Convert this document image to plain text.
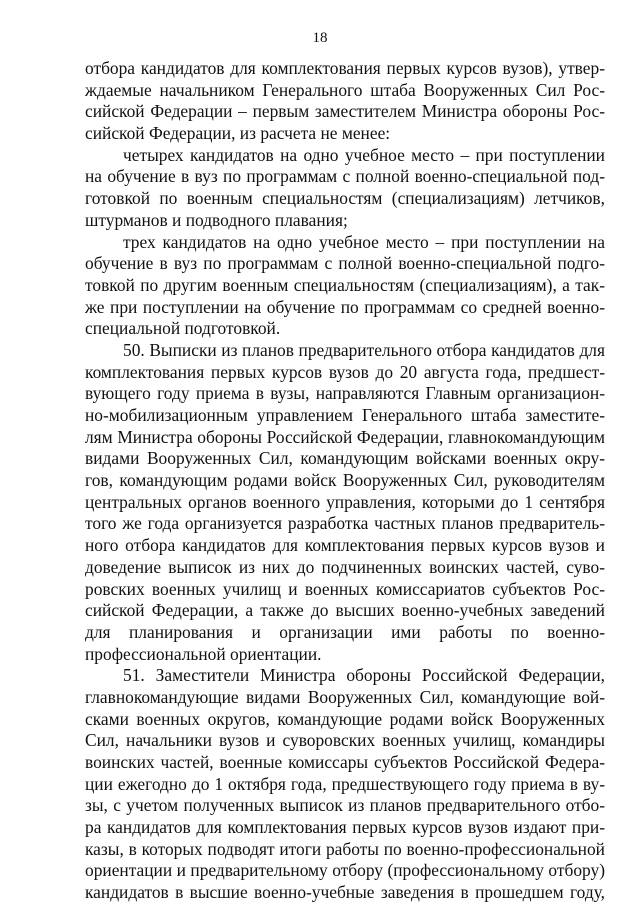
18
отбора кандидатов для комплектования первых курсов вузов), утвер-
ждаемые начальником Генерального штаба Вооруженных Сил Рос-
сийской Федерации – первым заместителем Министра обороны Рос-
сийской Федерации, из расчета не менее:
четырех кандидатов на одно учебное место – при поступлении
на обучение в вуз по программам с полной военно-специальной под-
готовкой по военным специальностям (специализациям) летчиков,
штурманов и подводного плавания;
трех кандидатов на одно учебное место – при поступлении на
обучение в вуз по программам с полной военно-специальной подго-
товкой по другим военным специальностям (специализациям), а так-
же при поступлении на обучение по программам со средней военно-
специальной подготовкой.
50. Выписки из планов предварительного отбора кандидатов для
комплектования первых курсов вузов до 20 августа года, предшест-
вующего году приема в вузы, направляются Главным организацион-
но-мобилизационным управлением Генерального штаба заместите-
лям Министра обороны Российской Федерации, главнокомандующим
видами Вооруженных Сил, командующим войсками военных окру-
гов, командующим родами войск Вооруженных Сил, руководителям
центральных органов военного управления, которыми до 1 сентября
того же года организуется разработка частных планов предваритель-
ного отбора кандидатов для комплектования первых курсов вузов и
доведение выписок из них до подчиненных воинских частей, суво-
ровских военных училищ и военных комиссариатов субъектов Рос-
сийской Федерации, а также до высших военно-учебных заведений
для планирования и организации ими работы по военно-
профессиональной ориентации.
51. Заместители Министра обороны Российской Федерации,
главнокомандующие видами Вооруженных Сил, командующие вой-
сками военных округов, командующие родами войск Вооруженных
Сил, начальники вузов и суворовских военных училищ, командиры
воинских частей, военные комиссары субъектов Российской Федера-
ции ежегодно до 1 октября года, предшествующего году приема в ву-
зы, с учетом полученных выписок из планов предварительного отбо-
ра кандидатов для комплектования первых курсов вузов издают при-
казы, в которых подводят итоги работы по военно-профессиональной
ориентации и предварительному отбору (профессиональному отбору)
кандидатов в высшие военно-учебные заведения в прошедшем году,
